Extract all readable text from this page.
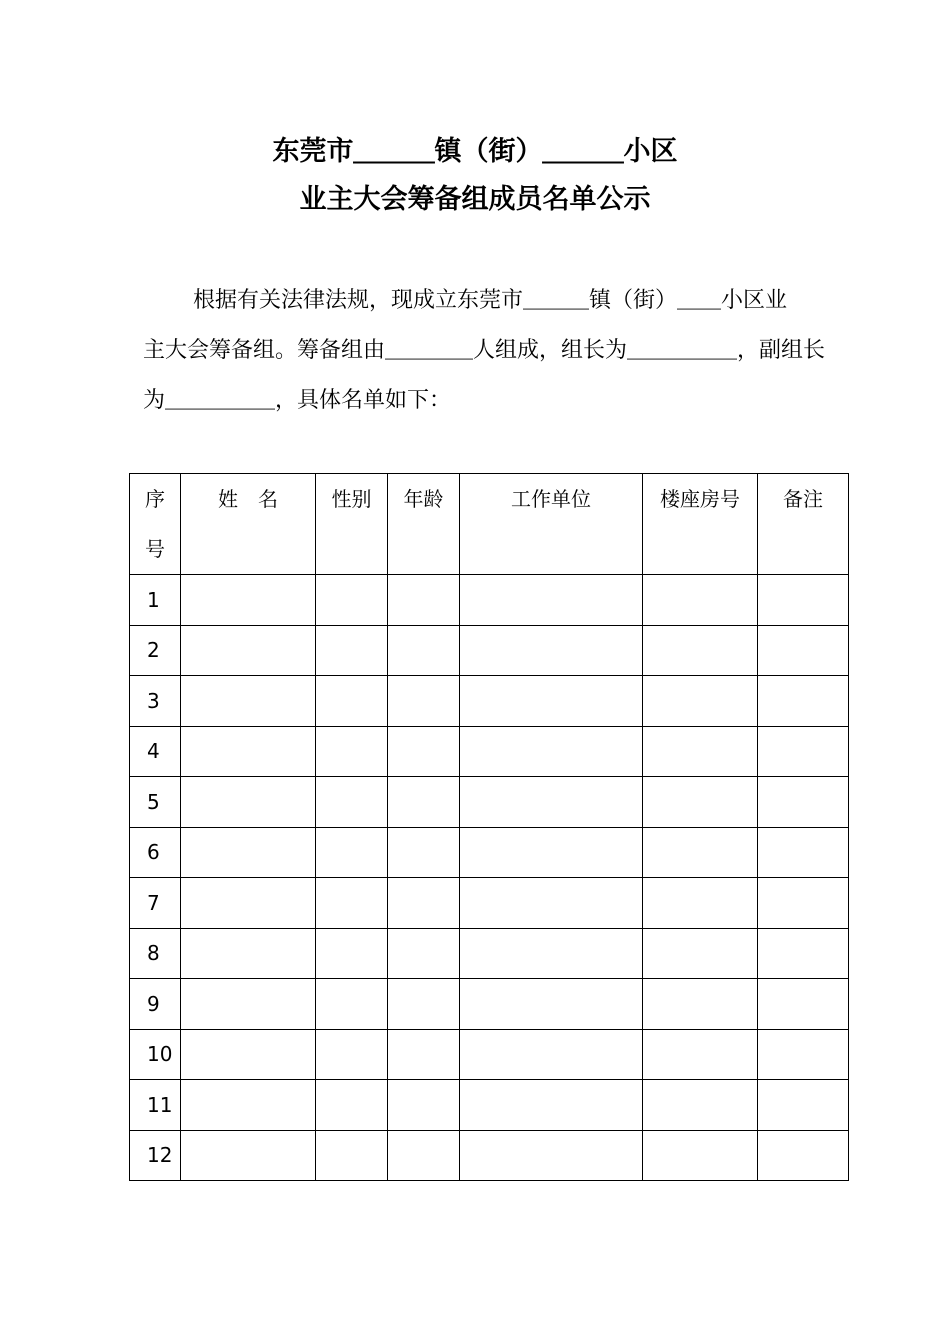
东莞市＿＿＿镇（街）＿＿＿小区
业主大会筹备组成员名单公示
根据有关法律法规，现成立东莞市＿＿＿镇（街）＿＿小区业
主大会筹备组。筹备组由＿＿＿＿人组成，组长为＿＿＿＿＿，副组长
为＿＿＿＿＿，具体名单如下：
序号	姓　名	性别	年龄	工作单位	楼座房号	备注
1						
2						
3						
4						
5						
6						
7						
8						
9						
10						
11						
12						
